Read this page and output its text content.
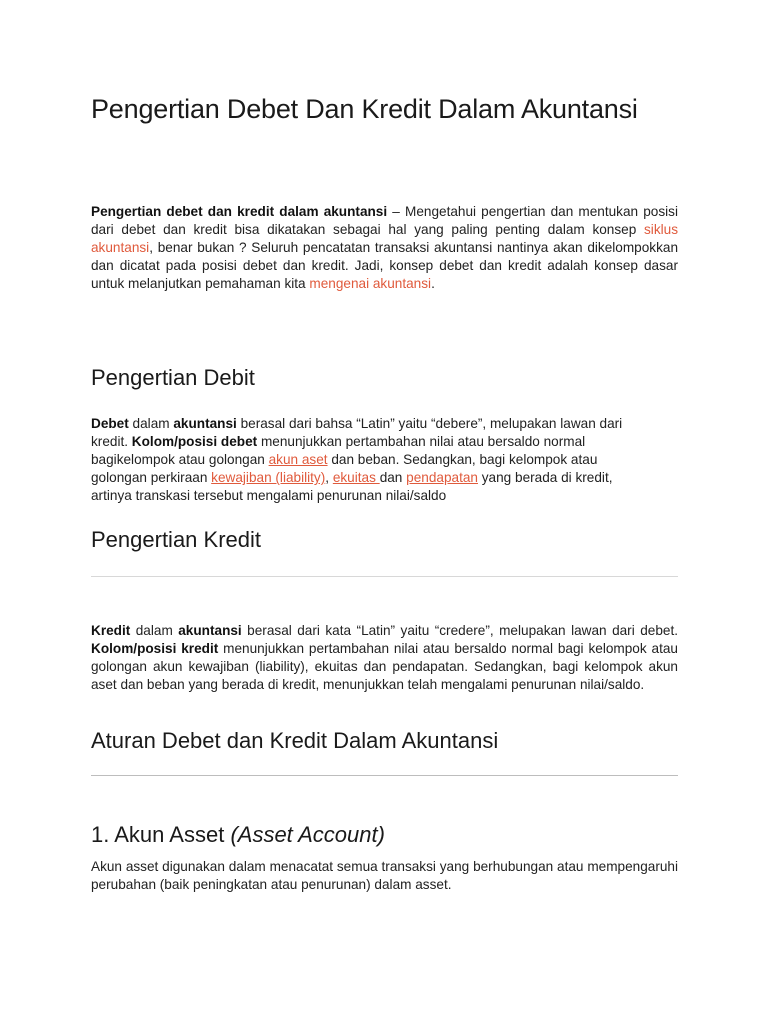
Pengertian Debet Dan Kredit Dalam Akuntansi

Pengertian debet dan kredit dalam akuntansi – Mengetahui pengertian dan mentukan posisi dari debet dan kredit bisa dikatakan sebagai hal yang paling penting dalam konsep siklus akuntansi, benar bukan ? Seluruh pencatatan transaksi akuntansi nantinya akan dikelompokkan dan dicatat pada posisi debet dan kredit. Jadi, konsep debet dan kredit adalah konsep dasar untuk melanjutkan pemahaman kita mengenai akuntansi.

Pengertian Debit

Debet dalam akuntansi berasal dari bahsa “Latin” yaitu “debere”, melupakan lawan dari kredit. Kolom/posisi debet menunjukkan pertambahan nilai atau bersaldo normal bagikelompok atau golongan akun aset dan beban. Sedangkan, bagi kelompok atau golongan perkiraan kewajiban (liability), ekuitas dan pendapatan yang berada di kredit, artinya transkasi tersebut mengalami penurunan nilai/saldo

Pengertian Kredit

Kredit dalam akuntansi berasal dari kata “Latin” yaitu “credere”, melupakan lawan dari debet. Kolom/posisi kredit menunjukkan pertambahan nilai atau bersaldo normal bagi kelompok atau golongan akun kewajiban (liability), ekuitas dan pendapatan. Sedangkan, bagi kelompok akun aset dan beban yang berada di kredit, menunjukkan telah mengalami penurunan nilai/saldo.

Aturan Debet dan Kredit Dalam Akuntansi
1. Akun Asset (Asset Account)

Akun asset digunakan dalam menacatat semua transaksi yang berhubungan atau mempengaruhi perubahan (baik peningkatan atau penurunan) dalam asset.
